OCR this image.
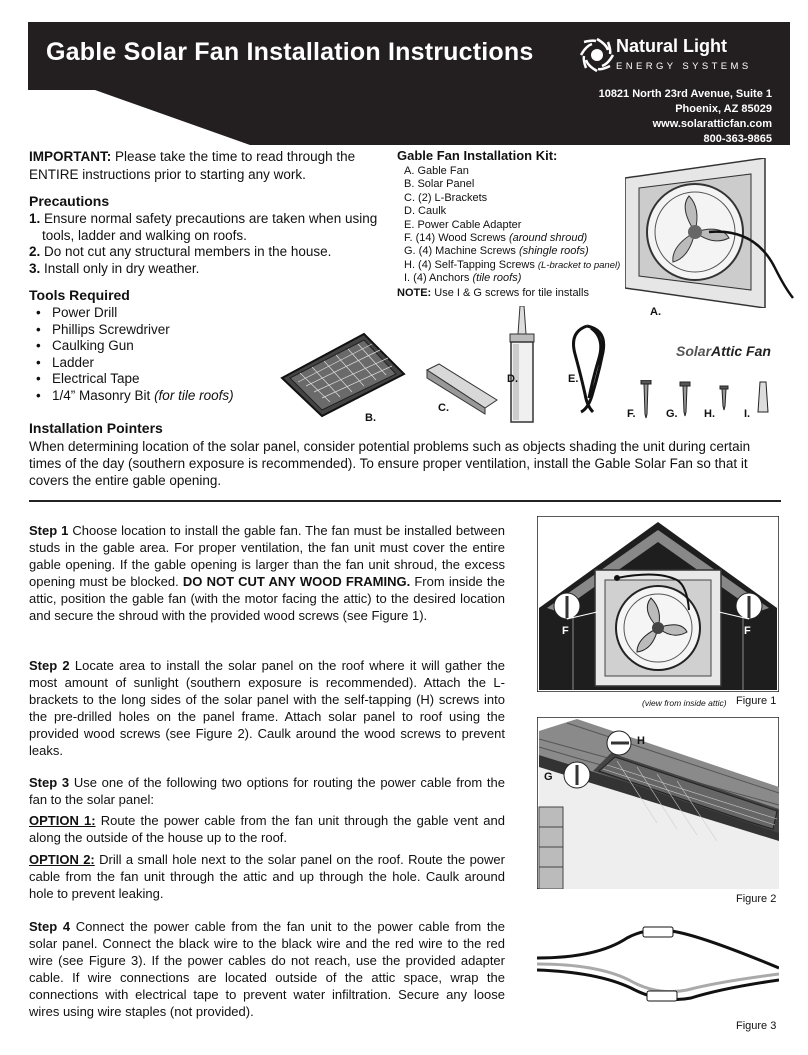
Gable Solar Fan Installation Instructions	Natural Light
ENERGY SYSTEMS
10821 North 23rd Avenue, Suite 1
Phoenix, AZ 85029
www.solaratticfan.com
800-363-9865
IMPORTANT: Please take the time to read through the ENTIRE instructions prior to starting any work.
Precautions
1. Ensure normal safety precautions are taken when using tools, ladder and walking on roofs.
2. Do not cut any structural members in the house.
3. Install only in dry weather.
Tools Required
• Power Drill
• Phillips Screwdriver
• Caulking Gun
• Ladder
• Electrical Tape
• 1/4” Masonry Bit (for tile roofs)
Gable Fan Installation Kit:
A. Gable Fan
B. Solar Panel
C. (2) L-Brackets
D. Caulk
E. Power Cable Adapter
F. (14) Wood Screws (around shroud)
G. (4) Machine Screws (shingle roofs)
H. (4) Self-Tapping Screws (L-bracket to panel)
I. (4) Anchors (tile roofs)
NOTE: Use I & G screws for tile installs
A.
B.
C.
D.	E.
SolarAttic Fan
F.	G. H.	I.
Installation Pointers
When determining location of the solar panel, consider potential problems such as objects shading the unit during certain times of the day (southern exposure is recommended). To ensure proper ventilation, install the Gable Solar Fan so that it covers the entire gable opening.
Step 1 Choose location to install the gable fan. The fan must be installed between studs in the gable area. For proper ventilation, the fan unit must cover the entire gable opening. If the gable opening is larger than the fan unit shroud, the excess opening must be blocked. DO NOT CUT ANY WOOD FRAMING. From inside the attic, position the gable fan (with the motor facing the attic) to the desired location and secure the shroud with the provided wood screws (see Figure 1).
Step 2 Locate area to install the solar panel on the roof where it will gather the most amount of sunlight (southern exposure is recommended). Attach the L-brackets to the long sides of the solar panel with the self-tapping (H) screws into the pre-drilled holes on the panel frame. Attach solar panel to roof using the provided wood screws (see Figure 2). Caulk around the wood screws to prevent leaks.
Step 3 Use one of the following two options for routing the power cable from the fan to the solar panel:
OPTION 1: Route the power cable from the fan unit through the gable vent and along the outside of the house up to the roof.
OPTION 2: Drill a small hole next to the solar panel on the roof. Route the power cable from the fan unit through the attic and up through the hole. Caulk around hole to prevent leaking.
Step 4 Connect the power cable from the fan unit to the power cable from the solar panel. Connect the black wire to the black wire and the red wire to the red wire (see Figure 3). If the power cables do not reach, use the provided adapter cable. If wire connections are located outside of the attic space, wrap the connections with electrical tape to prevent water infiltration. Secure any loose wires using wire staples (not provided).
F	F
(view from inside attic) Figure 1
H
G
Figure 2
Figure 3
